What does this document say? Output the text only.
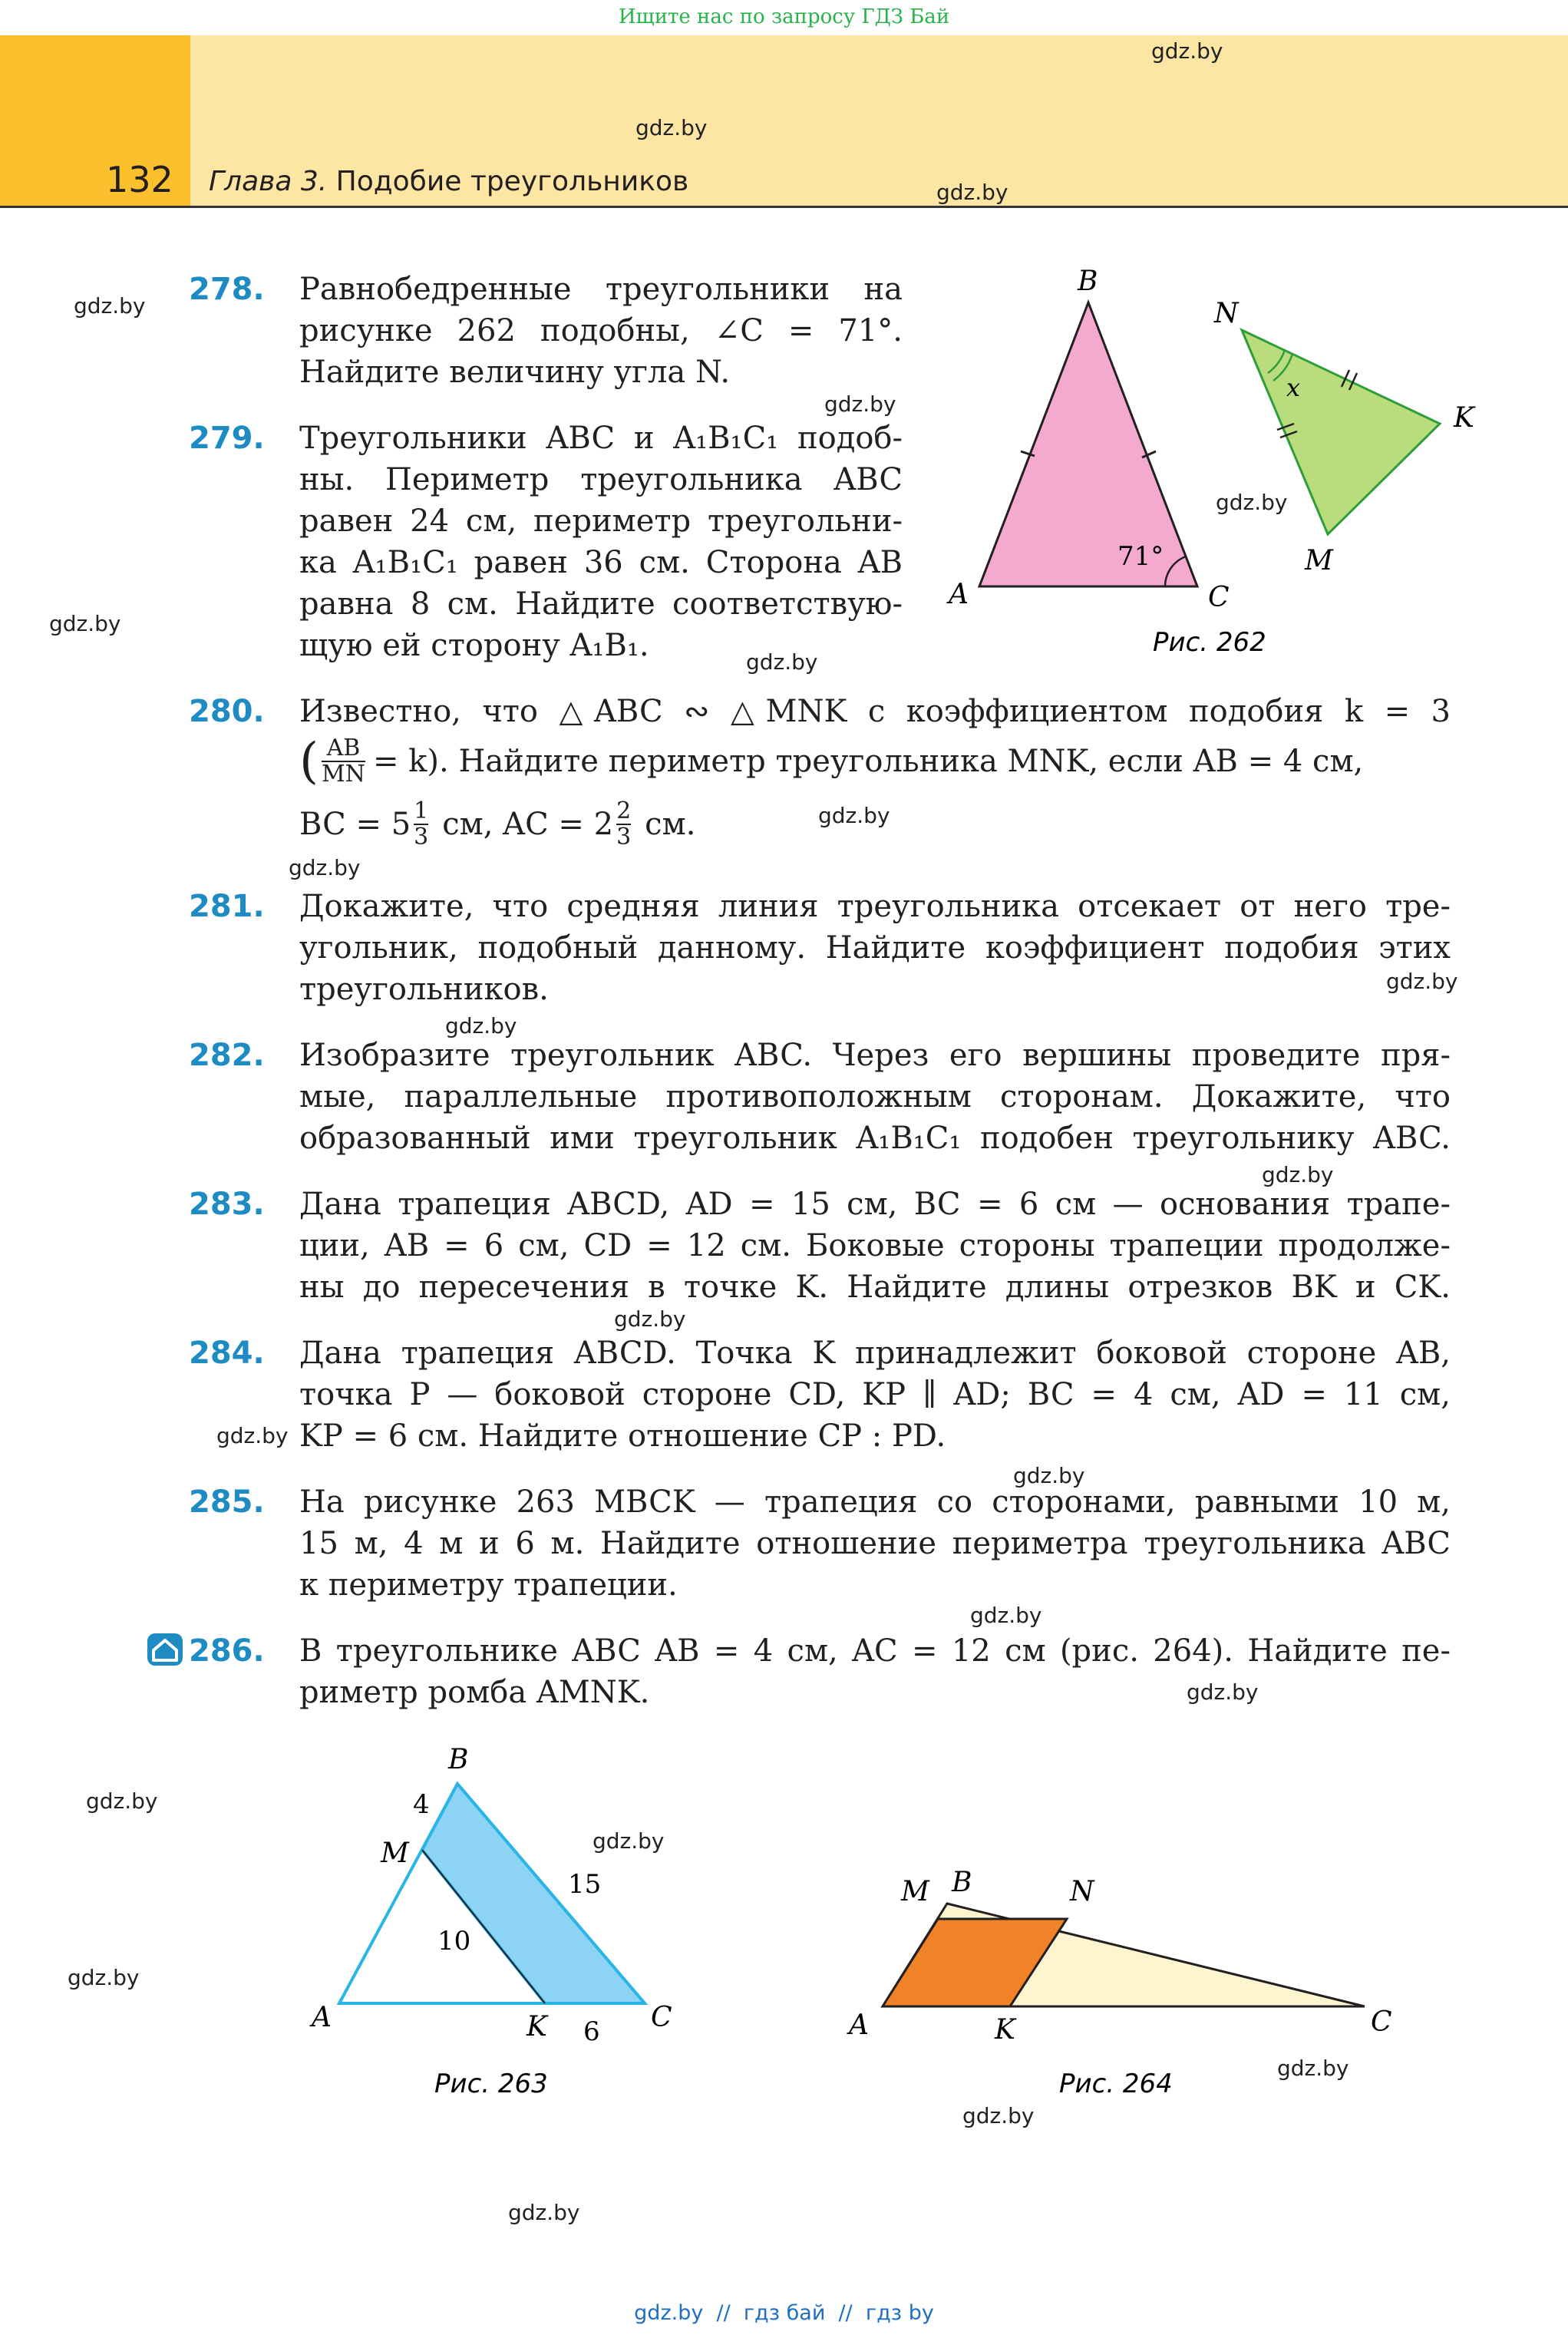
Ищите нас по запросу ГДЗ Бай
132 Глава 3. Подобие треугольников
gdz.by
gdz.by
gdz.by
gdz.by
gdz.by
gdz.by
gdz.by
gdz.by
gdz.by
gdz.by
gdz.by
gdz.by
gdz.by
gdz.by
gdz.by
gdz.by
gdz.by
gdz.by
gdz.by
gdz.by
gdz.by
gdz.by
gdz.by
gdz.by
278. Равнобедренные треугольники на
рисунке 262 подобны, ∠C = 71°.
Найдите величину угла N.
279. Треугольники ABC и A₁B₁C₁ подоб-
ны. Периметр треугольника ABC
равен 24 см, периметр треугольни-
ка A₁B₁C₁ равен 36 см. Сторона AB
равна 8 см. Найдите соответствую-
щую ей сторону A₁B₁.
B
A	C
71°
N
K
M
x
Рис. 262
280. Известно, что △ABC ∾ △MNK с коэффициентом подобия k = 3
( $\frac{AB}{MN} = k$). Найдите периметр треугольника MNK, если AB = 4 см,
BC = $5 \frac{1}{3}$ см, AC = $2 \frac{2}{3}$ см.
281. Докажите, что средняя линия треугольника отсекает от него тре-
угольник, подобный данному. Найдите коэффициент подобия этих
треугольников.
282. Изобразите треугольник ABC. Через его вершины проведите пря-
мые, параллельные противоположным сторонам. Докажите, что
образованный ими треугольник A₁B₁C₁ подобен треугольнику ABC.
283. Дана трапеция ABCD, AD = 15 см, BC = 6 см — основания трапе-
ции, AB = 6 см, CD = 12 см. Боковые стороны трапеции продолже-
ны до пересечения в точке K. Найдите длины отрезков BK и CK.
284. Дана трапеция ABCD. Точка K принадлежит боковой стороне AB,
точка P — боковой стороне CD, KP ∥ AD; BC = 4 см, AD = 11 см,
KP = 6 см. Найдите отношение CP : PD.
285. На рисунке 263 MBCK — трапеция со сторонами, равными 10 м,
15 м, 4 м и 6 м. Найдите отношение периметра треугольника ABC
к периметру трапеции.
286. В треугольнике ABC AB = 4 см, AC = 12 см (рис. 264). Найдите пе-
риметр ромба AMNK.
B
A	C
M
K
4
15
10
6
Рис. 263
B
A	C
M	N
K
Рис. 264
gdz.by  //  гдз бай  //  гдз by
